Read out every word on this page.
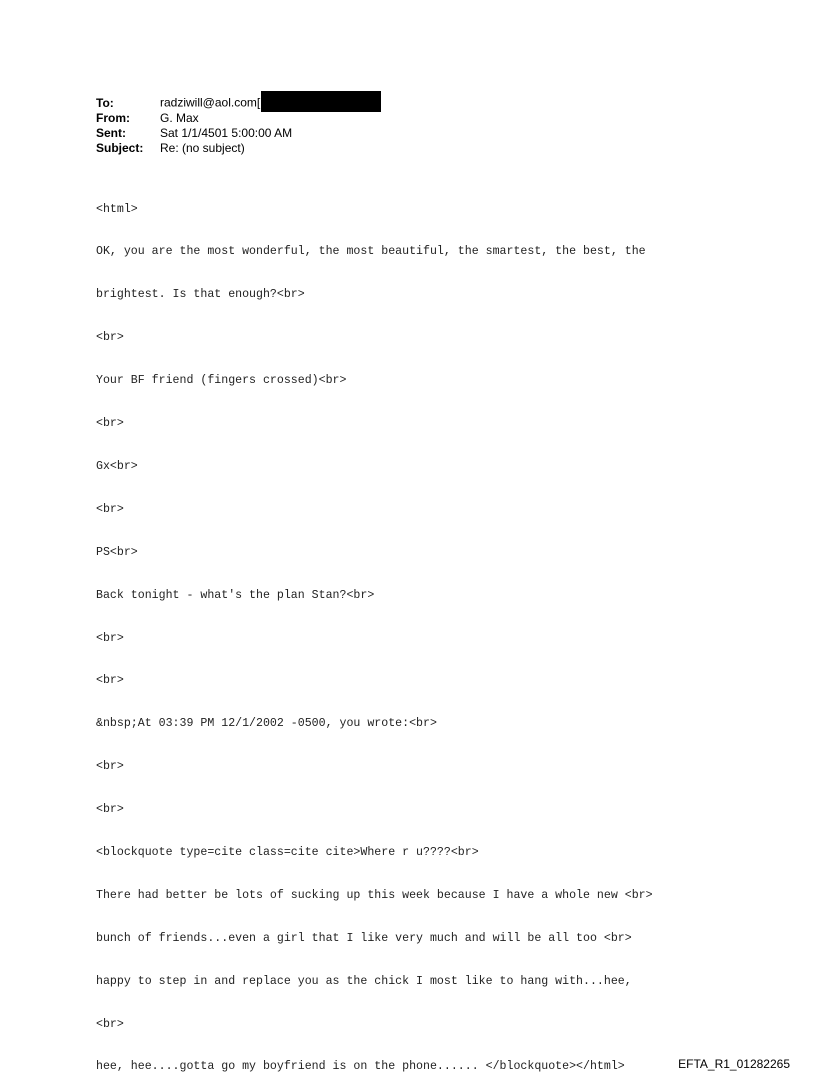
To:	radziwill@aol.com[
From:	G. Max
Sent:	Sat 1/1/4501 5:00:00 AM
Subject:	Re: (no subject)

<html>

OK, you are the most wonderful, the most beautiful, the smartest, the best, the

brightest. Is that enough?<br>

<br>

Your BF friend (fingers crossed)<br>

<br>

Gx<br>

<br>

PS<br>

Back tonight - what's the plan Stan?<br>

<br>

<br>

&nbsp;At 03:39 PM 12/1/2002 -0500, you wrote:<br>

<br>

<br>

<blockquote type=cite class=cite cite>Where r u????<br>

There had better be lots of sucking up this week because I have a whole new <br>

bunch of friends...even a girl that I like very much and will be all too <br>

happy to step in and replace you as the chick I most like to hang with...hee,

<br>

hee, hee....gotta go my boyfriend is on the phone...... </blockquote></html>	EFTA_R1_01282265
